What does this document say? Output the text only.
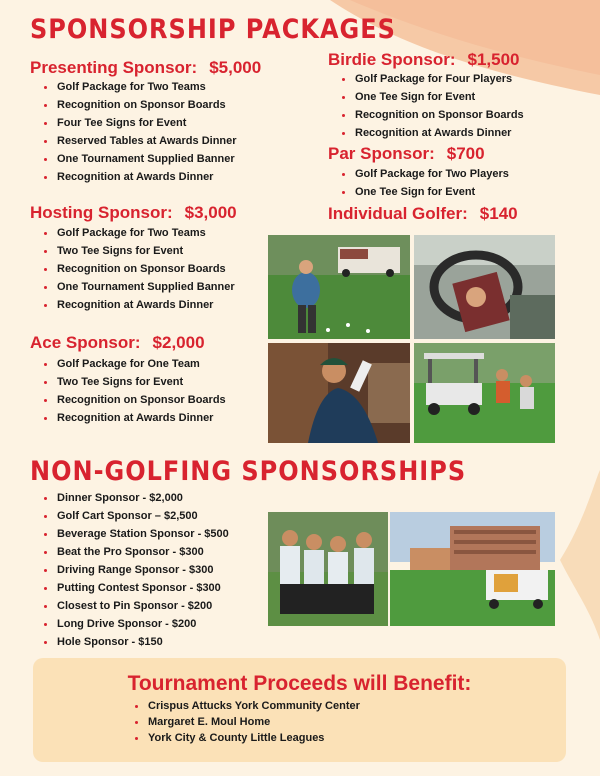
SPONSORSHIP PACKAGES
Presenting Sponsor: $5,000
Golf Package for Two Teams
Recognition on Sponsor Boards
Four Tee Signs for Event
Reserved Tables at Awards Dinner
One Tournament Supplied Banner
Recognition at Awards Dinner
Hosting Sponsor: $3,000
Golf Package for Two Teams
Two Tee Signs for Event
Recognition on Sponsor Boards
One Tournament Supplied Banner
Recognition at Awards Dinner
Ace Sponsor: $2,000
Golf Package for One Team
Two Tee Signs for Event
Recognition on Sponsor Boards
Recognition at Awards Dinner
Birdie Sponsor: $1,500
Golf Package for Four Players
One Tee Sign for Event
Recognition on Sponsor Boards
Recognition at Awards Dinner
Par Sponsor: $700
Golf Package for Two Players
One Tee Sign for Event
Individual Golfer: $140
NON-GOLFING SPONSORSHIPS
Dinner Sponsor - $2,000
Golf Cart Sponsor – $2,500
Beverage Station Sponsor - $500
Beat the Pro Sponsor - $300
Driving Range Sponsor - $300
Putting Contest Sponsor - $300
Closest to Pin Sponsor - $200
Long Drive Sponsor - $200
Hole Sponsor - $150
Tournament Proceeds will Benefit:
Crispus Attucks York Community Center
Margaret E. Moul Home
York City & County Little Leagues
